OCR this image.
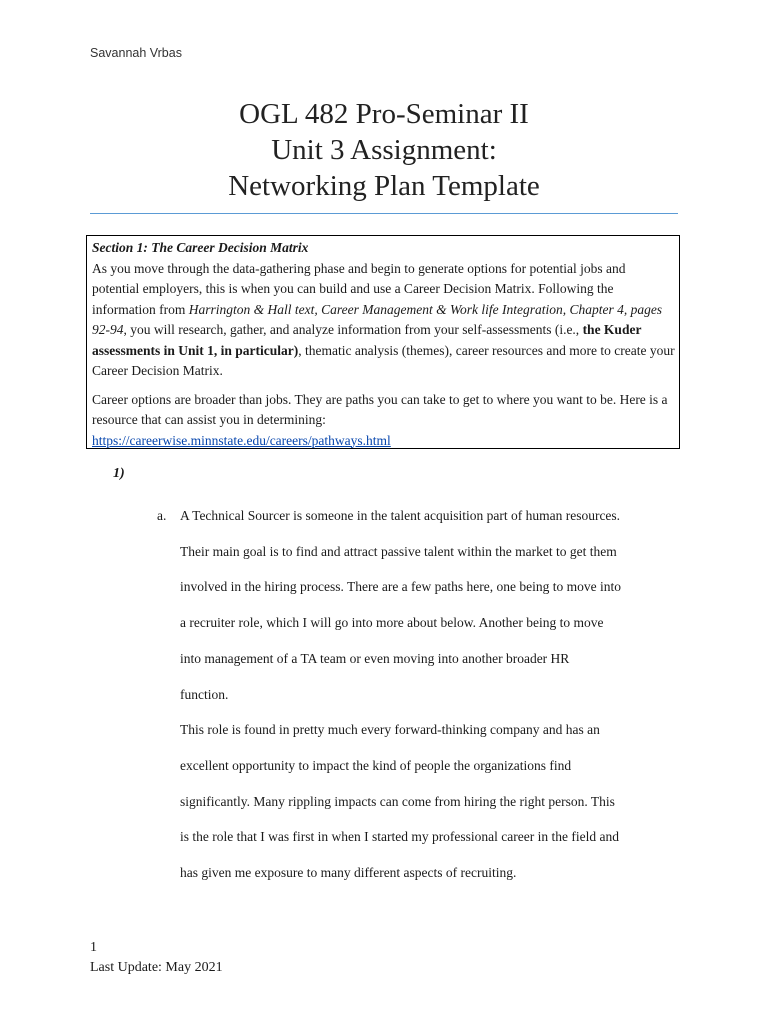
Savannah Vrbas
OGL 482 Pro-Seminar II
Unit 3 Assignment:
Networking Plan Template

Section 1: The Career Decision Matrix
As you move through the data-gathering phase and begin to generate options for potential jobs and potential employers, this is when you can build and use a Career Decision Matrix. Following the information from Harrington & Hall text, Career Management & Work life Integration, Chapter 4, pages 92-94, you will research, gather, and analyze information from your self-assessments (i.e., the Kuder assessments in Unit 1, in particular), thematic analysis (themes), career resources and more to create your Career Decision Matrix.

Career options are broader than jobs. They are paths you can take to get to where you want to be. Here is a resource that can assist you in determining:
https://careerwise.minnstate.edu/careers/pathways.html

1)
a. A Technical Sourcer is someone in the talent acquisition part of human resources.
Their main goal is to find and attract passive talent within the market to get them
involved in the hiring process. There are a few paths here, one being to move into
a recruiter role, which I will go into more about below. Another being to move
into management of a TA team or even moving into another broader HR
function.
This role is found in pretty much every forward-thinking company and has an
excellent opportunity to impact the kind of people the organizations find
significantly. Many rippling impacts can come from hiring the right person. This
is the role that I was first in when I started my professional career in the field and
has given me exposure to many different aspects of recruiting.
1
Last Update: May 2021
